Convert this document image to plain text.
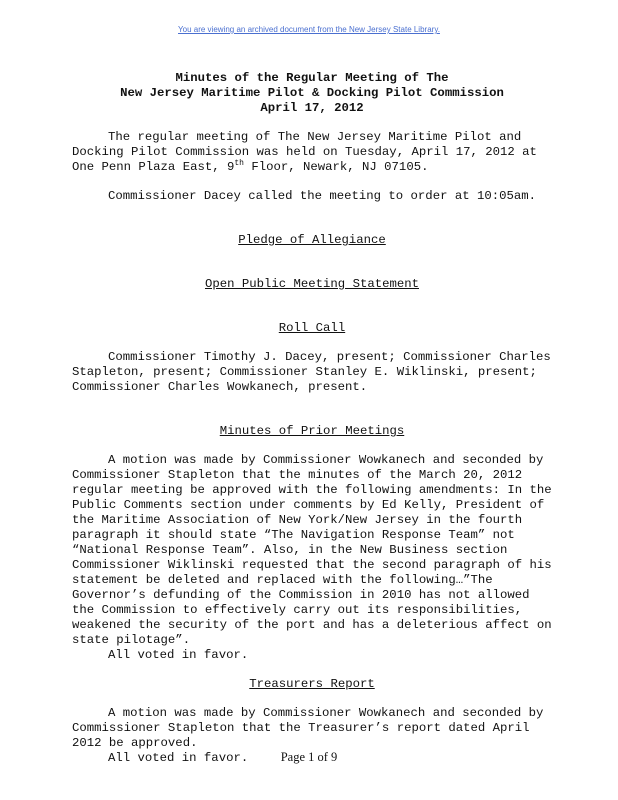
You are viewing an archived document from the New Jersey State Library.
Minutes of the Regular Meeting of The
New Jersey Maritime Pilot & Docking Pilot Commission
April 17, 2012

The regular meeting of The New Jersey Maritime Pilot and Docking Pilot Commission was held on Tuesday, April 17, 2012 at One Penn Plaza East, 9th Floor, Newark, NJ 07105.

Commissioner Dacey called the meeting to order at 10:05am.

Pledge of Allegiance

Open Public Meeting Statement

Roll Call

Commissioner Timothy J. Dacey, present; Commissioner Charles Stapleton, present; Commissioner Stanley E. Wiklinski, present; Commissioner Charles Wowkanech, present.

Minutes of Prior Meetings

A motion was made by Commissioner Wowkanech and seconded by Commissioner Stapleton that the minutes of the March 20, 2012 regular meeting be approved with the following amendments: In the Public Comments section under comments by Ed Kelly, President of the Maritime Association of New York/New Jersey in the fourth paragraph it should state “The Navigation Response Team” not “National Response Team”. Also, in the New Business section Commissioner Wiklinski requested that the second paragraph of his statement be deleted and replaced with the following…”The Governor’s defunding of the Commission in 2010 has not allowed the Commission to effectively carry out its responsibilities, weakened the security of the port and has a deleterious affect on state pilotage”.

All voted in favor.

Treasurers Report

A motion was made by Commissioner Wowkanech and seconded by Commissioner Stapleton that the Treasurer’s report dated April 2012 be approved.

All voted in favor.	Page 1 of 9
